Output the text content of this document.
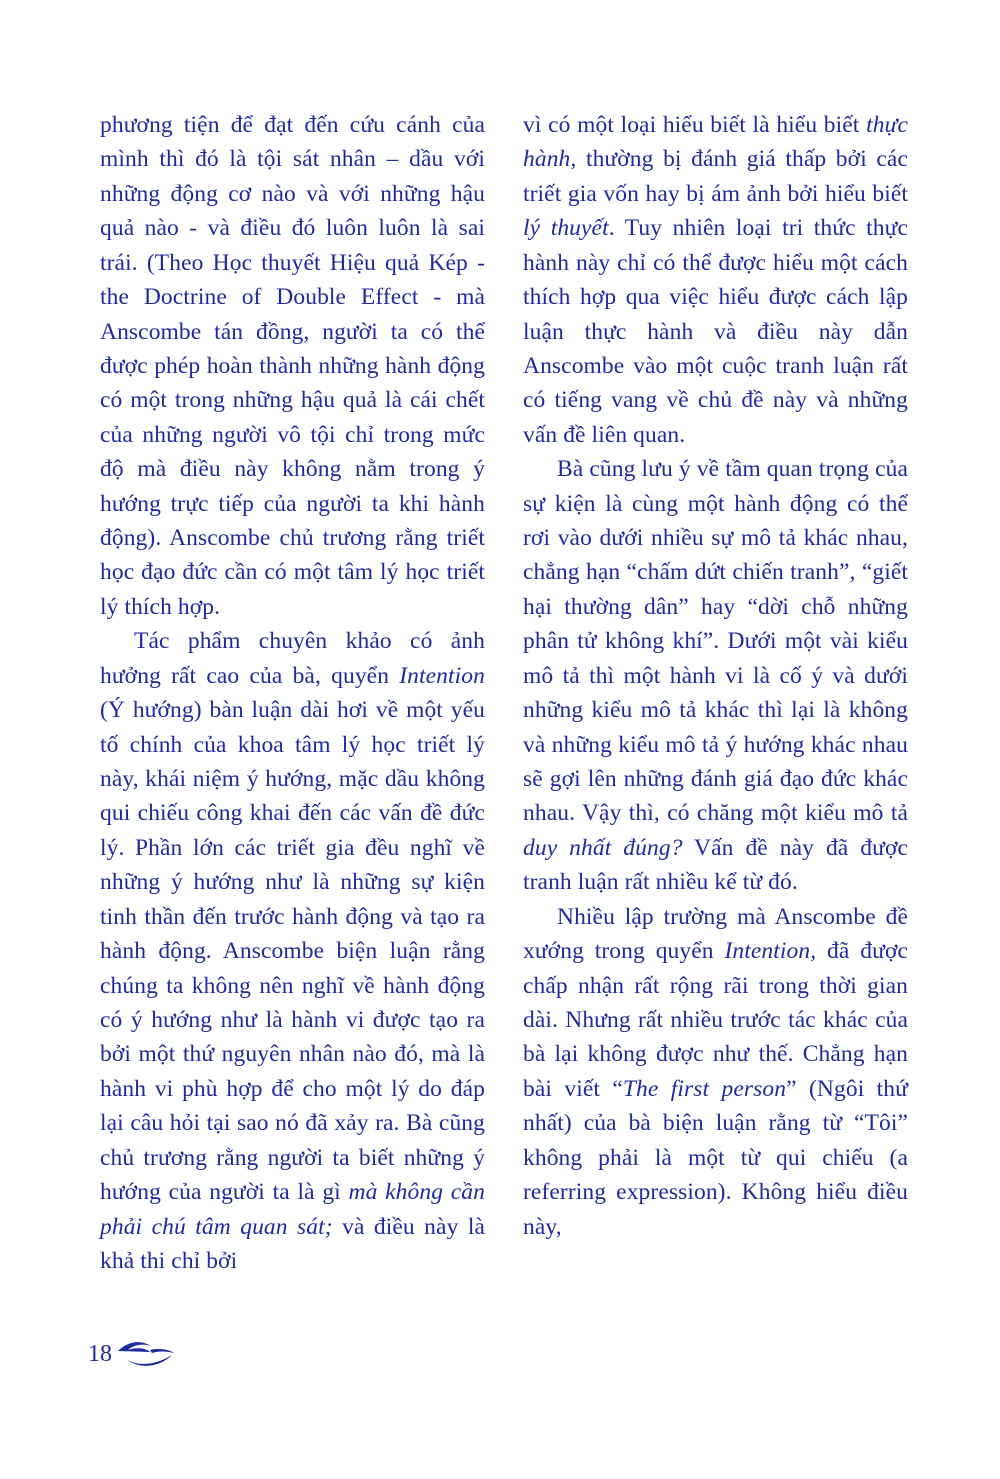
phương tiện để đạt đến cứu cánh của mình thì đó là tội sát nhân – dầu với những động cơ nào và với những hậu quả nào - và điều đó luôn luôn là sai trái. (Theo Học thuyết Hiệu quả Kép - the Doctrine of Double Effect - mà Anscombe tán đồng, người ta có thể được phép hoàn thành những hành động có một trong những hậu quả là cái chết của những người vô tội chỉ trong mức độ mà điều này không nằm trong ý hướng trực tiếp của người ta khi hành động). Anscombe chủ trương rằng triết học đạo đức cần có một tâm lý học triết lý thích hợp.

Tác phẩm chuyên khảo có ảnh hưởng rất cao của bà, quyển Intention (Ý hướng) bàn luận dài hơi về một yếu tố chính của khoa tâm lý học triết lý này, khái niệm ý hướng, mặc dầu không qui chiếu công khai đến các vấn đề đức lý. Phần lớn các triết gia đều nghĩ về những ý hướng như là những sự kiện tinh thần đến trước hành động và tạo ra hành động. Anscombe biện luận rằng chúng ta không nên nghĩ về hành động có ý hướng như là hành vi được tạo ra bởi một thứ nguyên nhân nào đó, mà là hành vi phù hợp để cho một lý do đáp lại câu hỏi tại sao nó đã xảy ra. Bà cũng chủ trương rằng người ta biết những ý hướng của người ta là gì mà không cần phải chú tâm quan sát; và điều này là khả thi chỉ bởi

vì có một loại hiểu biết là hiểu biết thực hành, thường bị đánh giá thấp bởi các triết gia vốn hay bị ám ảnh bởi hiểu biết lý thuyết. Tuy nhiên loại tri thức thực hành này chỉ có thể được hiểu một cách thích hợp qua việc hiểu được cách lập luận thực hành và điều này dẫn Anscombe vào một cuộc tranh luận rất có tiếng vang về chủ đề này và những vấn đề liên quan.

Bà cũng lưu ý về tầm quan trọng của sự kiện là cùng một hành động có thể rơi vào dưới nhiều sự mô tả khác nhau, chẳng hạn “chấm dứt chiến tranh”, “giết hại thường dân” hay “dời chỗ những phân tử không khí”. Dưới một vài kiểu mô tả thì một hành vi là cố ý và dưới những kiểu mô tả khác thì lại là không và những kiểu mô tả ý hướng khác nhau sẽ gợi lên những đánh giá đạo đức khác nhau. Vậy thì, có chăng một kiểu mô tả duy nhất đúng? Vấn đề này đã được tranh luận rất nhiều kể từ đó.

Nhiều lập trường mà Anscombe đề xướng trong quyển Intention, đã được chấp nhận rất rộng rãi trong thời gian dài. Nhưng rất nhiều trước tác khác của bà lại không được như thế. Chẳng hạn bài viết “The first person” (Ngôi thứ nhất) của bà biện luận rằng từ “Tôi” không phải là một từ qui chiếu (a referring expression). Không hiểu điều này,

18
